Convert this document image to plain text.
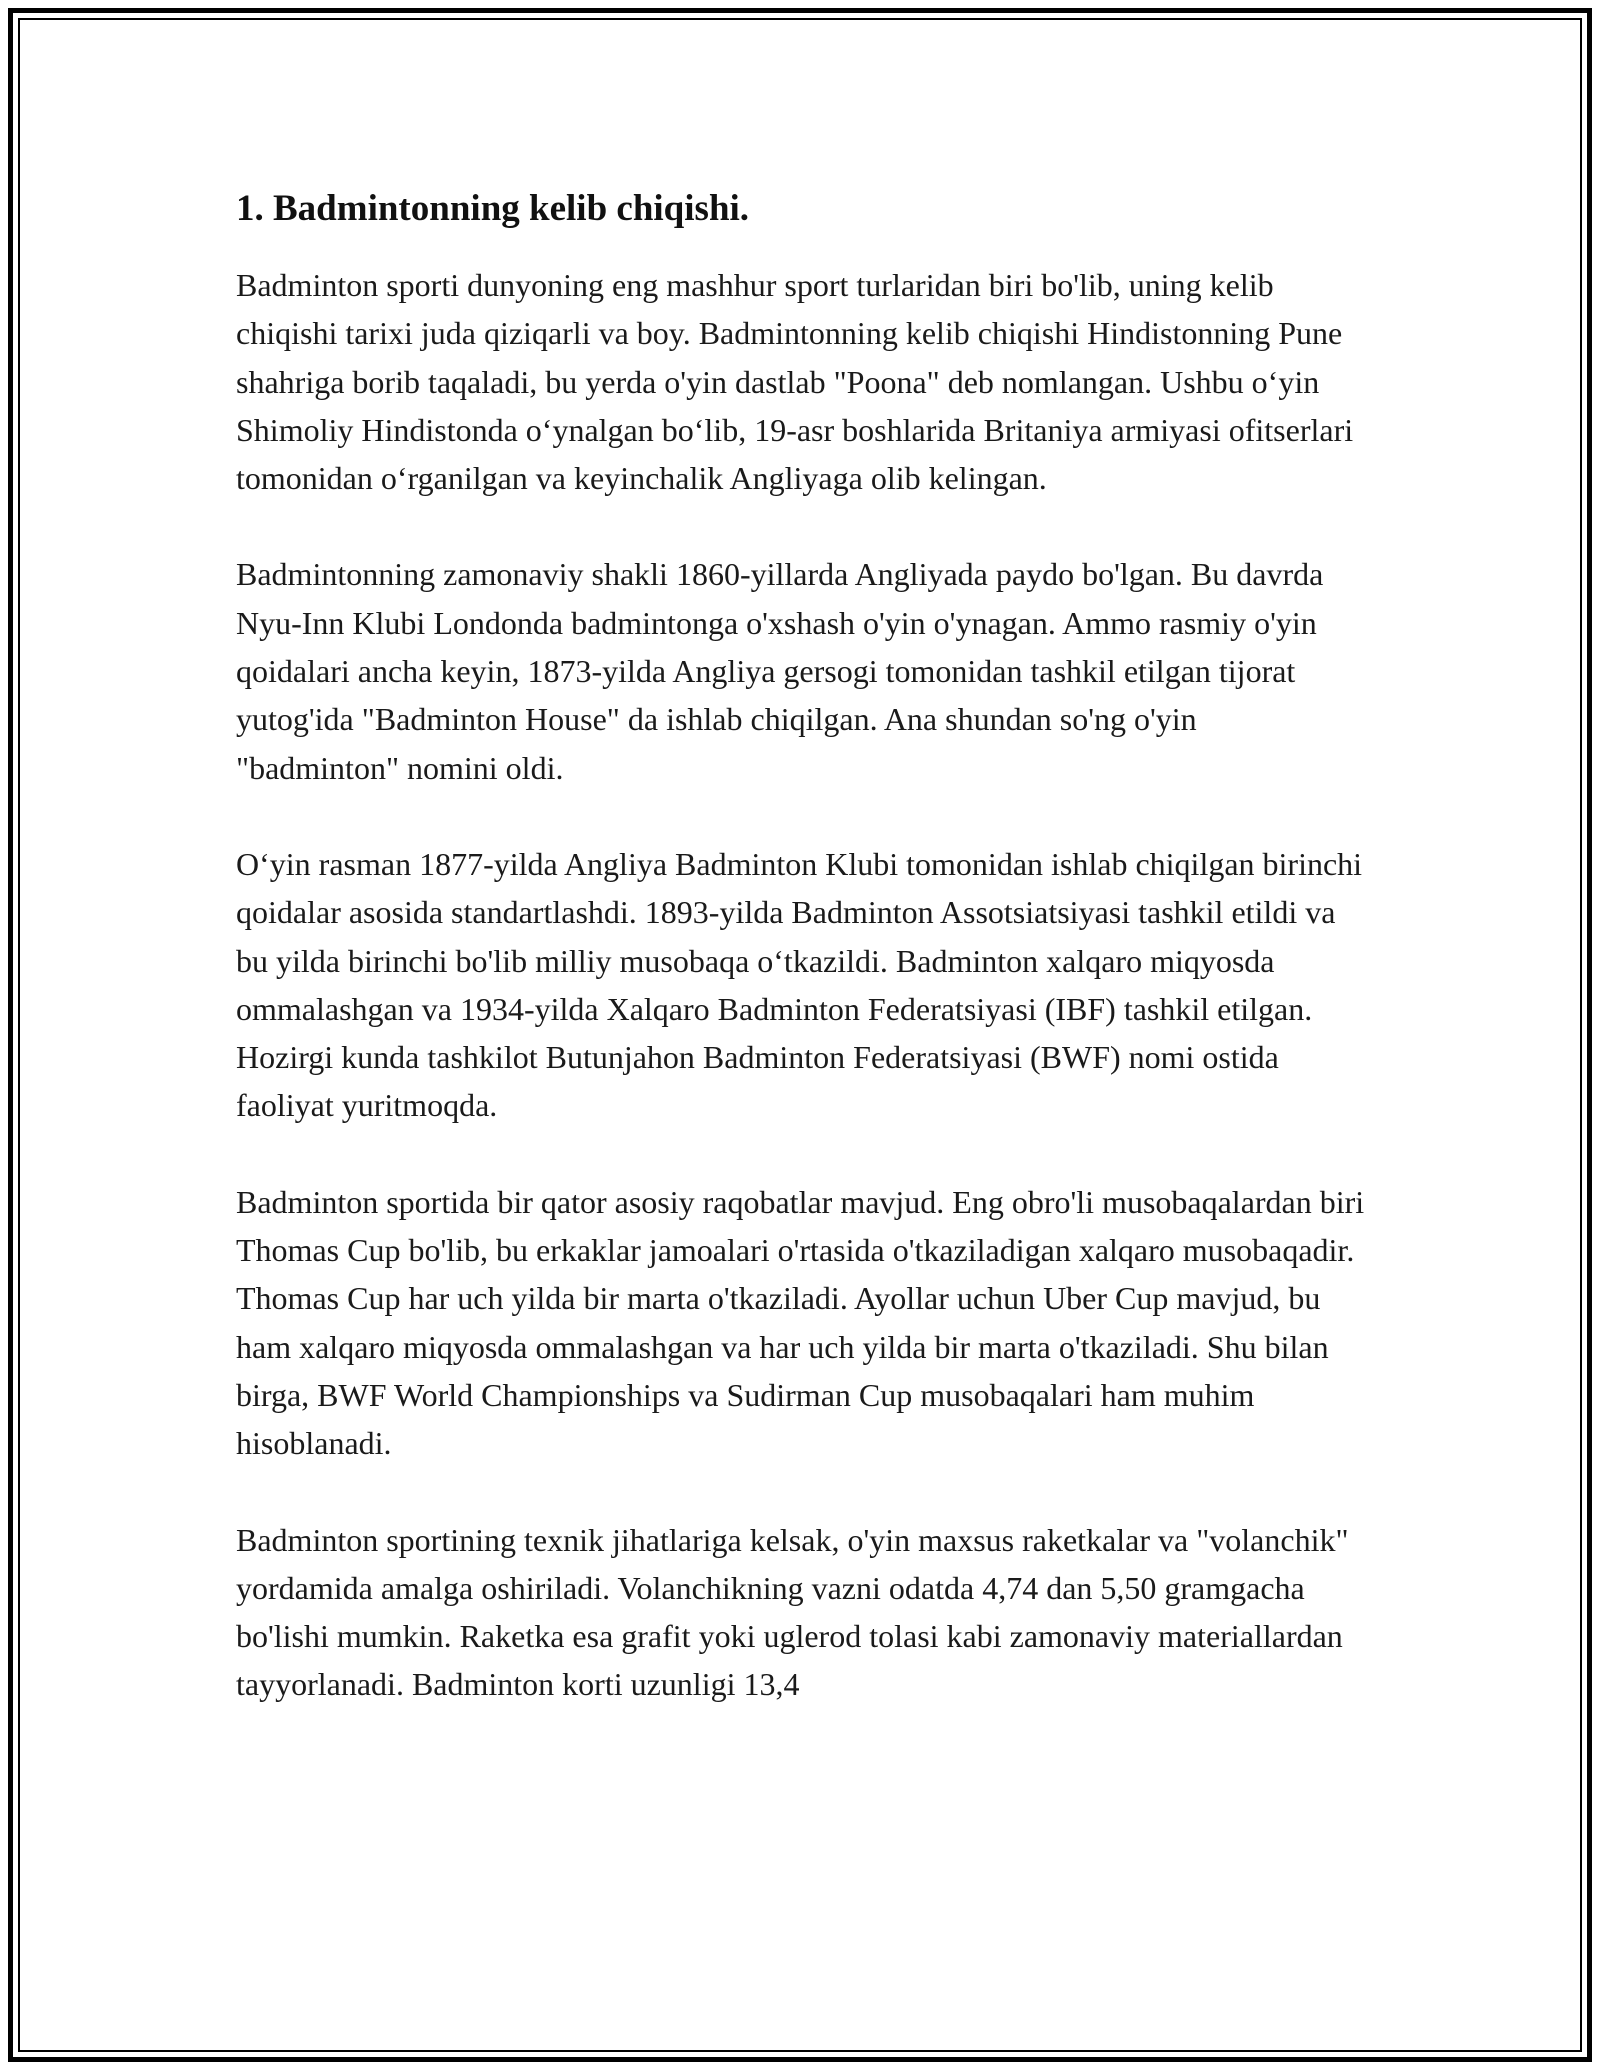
1. Badmintonning kelib chiqishi.

Badminton sporti dunyoning eng mashhur sport turlaridan biri bo'lib, uning kelib chiqishi tarixi juda qiziqarli va boy. Badmintonning kelib chiqishi Hindistonning Pune shahriga borib taqaladi, bu yerda o'yin dastlab "Poona" deb nomlangan. Ushbu o‘yin Shimoliy Hindistonda o‘ynalgan bo‘lib, 19-asr boshlarida Britaniya armiyasi ofitserlari tomonidan o‘rganilgan va keyinchalik Angliyaga olib kelingan.

Badmintonning zamonaviy shakli 1860-yillarda Angliyada paydo bo'lgan. Bu davrda Nyu-Inn Klubi Londonda badmintonga o'xshash o'yin o'ynagan. Ammo rasmiy o'yin qoidalari ancha keyin, 1873-yilda Angliya gersogi tomonidan tashkil etilgan tijorat yutog'ida "Badminton House" da ishlab chiqilgan. Ana shundan so'ng o'yin "badminton" nomini oldi.

O‘yin rasman 1877-yilda Angliya Badminton Klubi tomonidan ishlab chiqilgan birinchi qoidalar asosida standartlashdi. 1893-yilda Badminton Assotsiatsiyasi tashkil etildi va bu yilda birinchi bo'lib milliy musobaqa o‘tkazildi. Badminton xalqaro miqyosda ommalashgan va 1934-yilda Xalqaro Badminton Federatsiyasi (IBF) tashkil etilgan. Hozirgi kunda tashkilot Butunjahon Badminton Federatsiyasi (BWF) nomi ostida faoliyat yuritmoqda.

Badminton sportida bir qator asosiy raqobatlar mavjud. Eng obro'li musobaqalardan biri Thomas Cup bo'lib, bu erkaklar jamoalari o'rtasida o'tkaziladigan xalqaro musobaqadir. Thomas Cup har uch yilda bir marta o'tkaziladi. Ayollar uchun Uber Cup mavjud, bu ham xalqaro miqyosda ommalashgan va har uch yilda bir marta o'tkaziladi. Shu bilan birga, BWF World Championships va Sudirman Cup musobaqalari ham muhim hisoblanadi.

Badminton sportining texnik jihatlariga kelsak, o'yin maxsus raketkalar va "volanchik" yordamida amalga oshiriladi. Volanchikning vazni odatda 4,74 dan 5,50 gramgacha bo'lishi mumkin. Raketka esa grafit yoki uglerod tolasi kabi zamonaviy materiallardan tayyorlanadi. Badminton korti uzunligi 13,4
